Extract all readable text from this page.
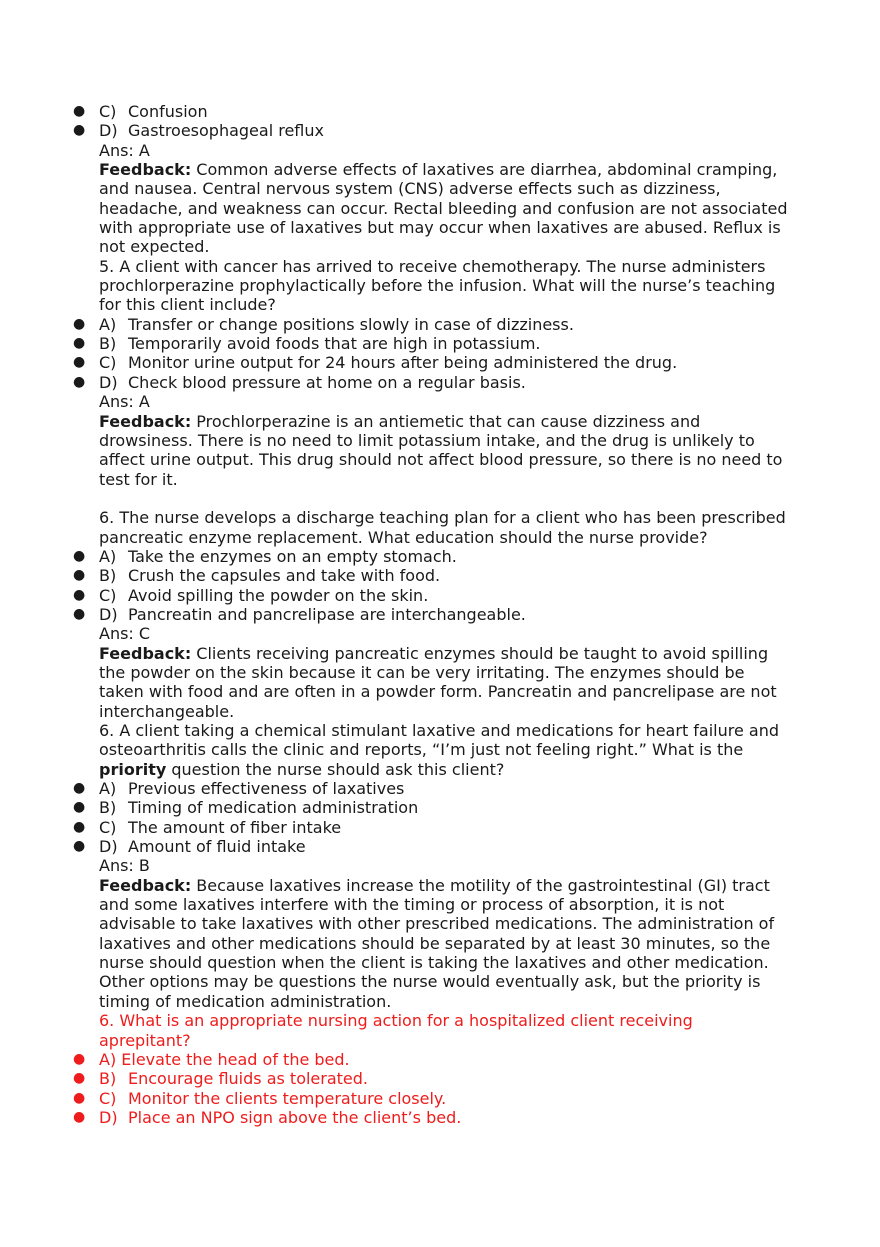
● C) Confusion
● D) Gastroesophageal reflux
Ans: A
Feedback: Common adverse effects of laxatives are diarrhea, abdominal cramping, and nausea. Central nervous system (CNS) adverse effects such as dizziness, headache, and weakness can occur. Rectal bleeding and confusion are not associated with appropriate use of laxatives but may occur when laxatives are abused. Reflux is not expected.
5. A client with cancer has arrived to receive chemotherapy. The nurse administers prochlorperazine prophylactically before the infusion. What will the nurse’s teaching for this client include?
● A) Transfer or change positions slowly in case of dizziness.
● B) Temporarily avoid foods that are high in potassium.
● C) Monitor urine output for 24 hours after being administered the drug.
● D) Check blood pressure at home on a regular basis.
Ans: A
Feedback: Prochlorperazine is an antiemetic that can cause dizziness and drowsiness. There is no need to limit potassium intake, and the drug is unlikely to affect urine output. This drug should not affect blood pressure, so there is no need to test for it.
6. The nurse develops a discharge teaching plan for a client who has been prescribed pancreatic enzyme replacement. What education should the nurse provide?
● A) Take the enzymes on an empty stomach.
● B) Crush the capsules and take with food.
● C) Avoid spilling the powder on the skin.
● D) Pancreatin and pancrelipase are interchangeable.
Ans: C
Feedback: Clients receiving pancreatic enzymes should be taught to avoid spilling the powder on the skin because it can be very irritating. The enzymes should be taken with food and are often in a powder form. Pancreatin and pancrelipase are not interchangeable.
6. A client taking a chemical stimulant laxative and medications for heart failure and osteoarthritis calls the clinic and reports, “I’m just not feeling right.” What is the priority question the nurse should ask this client?
● A) Previous effectiveness of laxatives
● B) Timing of medication administration
● C) The amount of fiber intake
● D) Amount of fluid intake
Ans: B
Feedback: Because laxatives increase the motility of the gastrointestinal (GI) tract and some laxatives interfere with the timing or process of absorption, it is not advisable to take laxatives with other prescribed medications. The administration of laxatives and other medications should be separated by at least 30 minutes, so the nurse should question when the client is taking the laxatives and other medication. Other options may be questions the nurse would eventually ask, but the priority is timing of medication administration.
6. What is an appropriate nursing action for a hospitalized client receiving aprepitant?
● A) Elevate the head of the bed.
● B) Encourage fluids as tolerated.
● C) Monitor the clients temperature closely.
● D) Place an NPO sign above the client’s bed.
